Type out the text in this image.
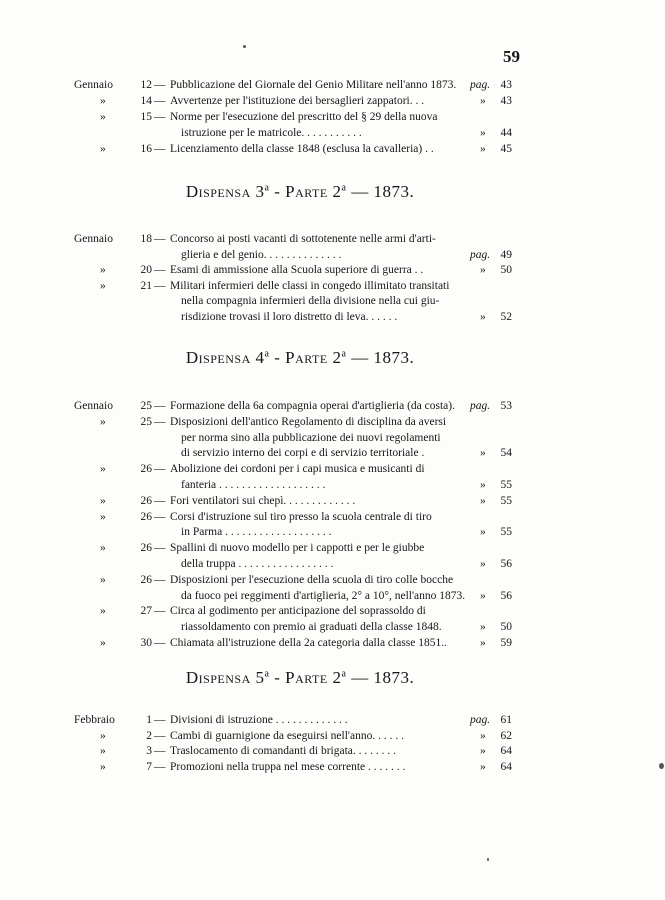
59
Gennaio	12 — Pubblicazione del Giornale del Genio Militare nell'anno 1873. pag. 43
»	14 — Avvertenze per l'istituzione dei bersaglieri zappatori. . .	»	43
»	15 — Norme per l'esecuzione del prescritto del § 29 della nuova
istruzione per le matricole. . . . . . . . . . .	»	44
»	16 — Licenziamento della classe 1848 (esclusa la cavalleria) . .	»	45
Dispensa 3$^a$ - Parte 2$^a$ — 1873.
Gennaio	18 — Concorso ai posti vacanti di sottotenente nelle armi d'arti-
glieria e del genio. . . . . . . . . . . . . .	pag. 49
»	20 — Esami di ammissione alla Scuola superiore di guerra . .	»	50
»	21 — Militari infermieri delle classi in congedo illimitato transitati
nella compagnia infermieri della divisione nella cui giu-
risdizione trovasi il loro distretto di leva. . . . . .	»	52
Dispensa 4$^a$ - Parte 2$^a$ — 1873.
Gennaio	25 — Formazione della 6a compagnia operai d'artiglieria (da costa). pag. 53
»	25 — Disposizioni dell'antico Regolamento di disciplina da aversi
per norma sino alla pubblicazione dei nuovi regolamenti
di servizio interno dei corpi e di servizio territoriale .	»	54
»	26 — Abolizione dei cordoni per i capi musica e musicanti di
fanteria . . . . . . . . . . . . . . . . . . .	»	55
»	26 — Fori ventilatori sui chepì. . . . . . . . . . . . .	»	55
»	26 — Corsi d'istruzione sul tiro presso la scuola centrale di tiro
in Parma . . . . . . . . . . . . . . . . . . .	»	55
»	26 — Spallini di nuovo modello per i cappotti e per le giubbe
della truppa . . . . . . . . . . . . . . . . .	»	56
»	26 — Disposizioni per l'esecuzione della scuola di tiro colle bocche
da fuoco pei reggimenti d'artiglieria, 2° a 10°, nell'anno 1873. »	56
»	27 — Circa al godimento per anticipazione del soprassoldo di
riassoldamento con premio ai graduati della classe 1848.	»	50
»	30 — Chiamata all'istruzione della 2a categoria dalla classe 1851..	»	59
Dispensa 5$^a$ - Parte 2$^a$ — 1873.
Febbraio	1 — Divisioni di istruzione . . . . . . . . . . . . .	pag. 61
»	2 — Cambi di guarnigione da eseguirsi nell'anno. . . . . .	»	62
»	3 — Traslocamento di comandanti di brigata. . . . . . . .	»	64
»	7 — Promozioni nella truppa nel mese corrente . . . . . . .	»	64
